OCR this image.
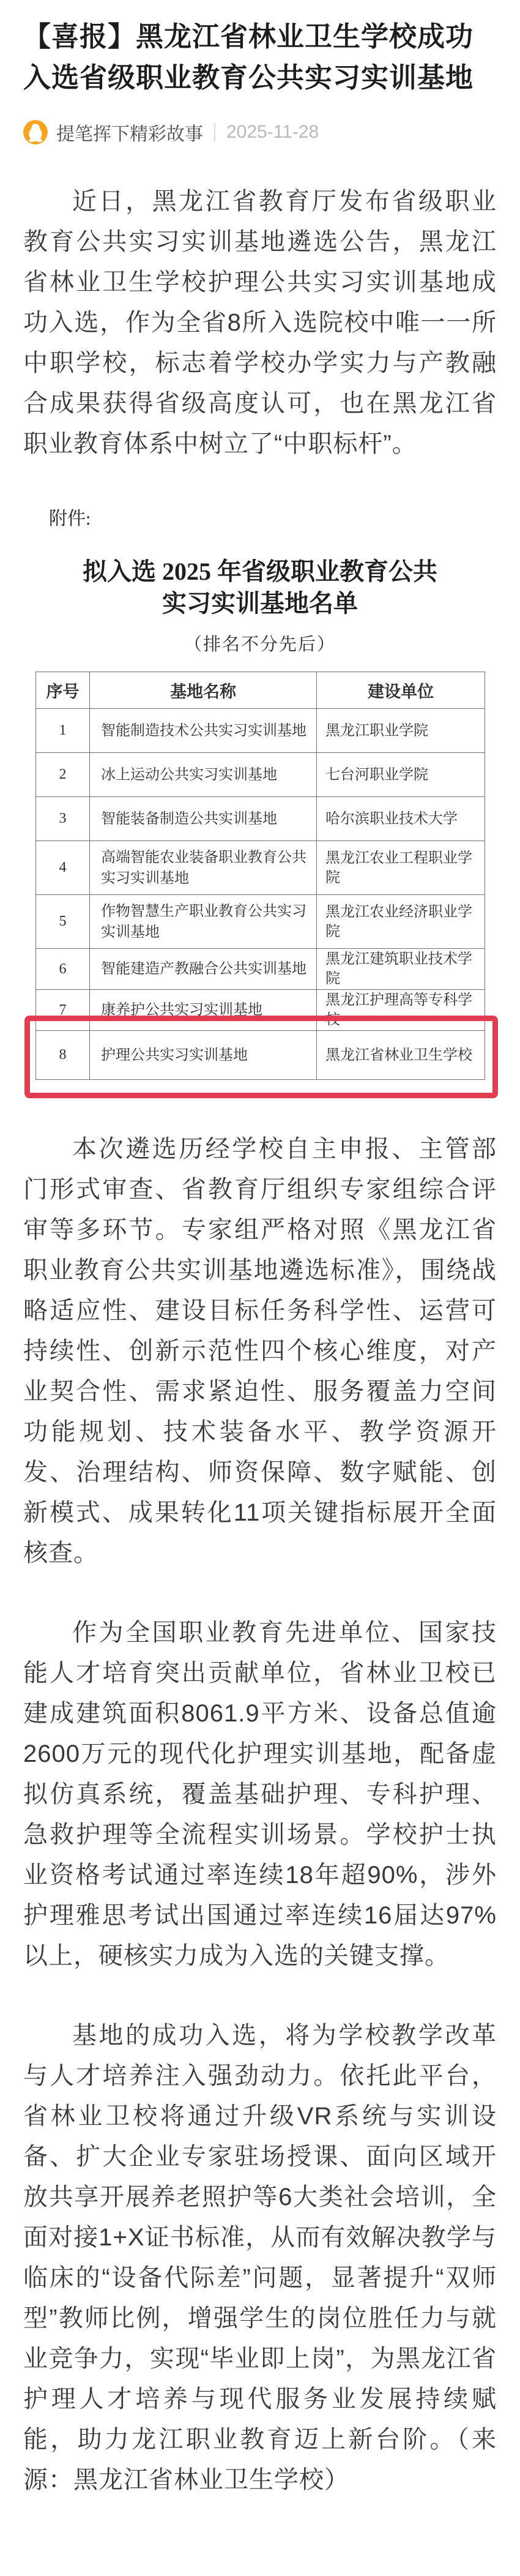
【喜报】黑龙江省林业卫生学校成功入选省级职业教育公共实习实训基地
提笔挥下精彩故事 2025-11-28

近日，黑龙江省教育厅发布省级职业教育公共实习实训基地遴选公告，黑龙江省林业卫生学校护理公共实习实训基地成功入选，作为全省8所入选院校中唯一一所中职学校，标志着学校办学实力与产教融合成果获得省级高度认可，也在黑龙江省职业教育体系中树立了“中职标杆”。

附件:
拟入选 2025 年省级职业教育公共
实习实训基地名单
（排名不分先后）
序号	基地名称	建设单位
1	智能制造技术公共实习实训基地	黑龙江职业学院
2	冰上运动公共实习实训基地	七台河职业学院
3	智能装备制造公共实训基地	哈尔滨职业技术大学
4	高端智能农业装备职业教育公共实习实训基地	黑龙江农业工程职业学院
5	作物智慧生产职业教育公共实习实训基地	黑龙江农业经济职业学院
6	智能建造产教融合公共实训基地	黑龙江建筑职业技术学院
7	康养护公共实习实训基地	黑龙江护理高等专科学校
8	护理公共实习实训基地	黑龙江省林业卫生学校

本次遴选历经学校自主申报、主管部门形式审查、省教育厅组织专家组综合评审等多环节。专家组严格对照《黑龙江省职业教育公共实训基地遴选标准》，围绕战略适应性、建设目标任务科学性、运营可持续性、创新示范性四个核心维度，对产业契合性、需求紧迫性、服务覆盖力空间功能规划、技术装备水平、教学资源开发、治理结构、师资保障、数字赋能、创新模式、成果转化11项关键指标展开全面核查。

作为全国职业教育先进单位、国家技能人才培育突出贡献单位，省林业卫校已建成建筑面积8061.9平方米、设备总值逾2600万元的现代化护理实训基地，配备虚拟仿真系统，覆盖基础护理、专科护理、急救护理等全流程实训场景。学校护士执业资格考试通过率连续18年超90%，涉外护理雅思考试出国通过率连续16届达97%以上，硬核实力成为入选的关键支撑。

基地的成功入选，将为学校教学改革与人才培养注入强劲动力。依托此平台，省林业卫校将通过升级VR系统与实训设备、扩大企业专家驻场授课、面向区域开放共享开展养老照护等6大类社会培训，全面对接1+X证书标准，从而有效解决教学与临床的“设备代际差”问题，显著提升“双师型”教师比例，增强学生的岗位胜任力与就业竞争力，实现“毕业即上岗”，为黑龙江省护理人才培养与现代服务业发展持续赋能，助力龙江职业教育迈上新台阶。（来源：黑龙江省林业卫生学校）
